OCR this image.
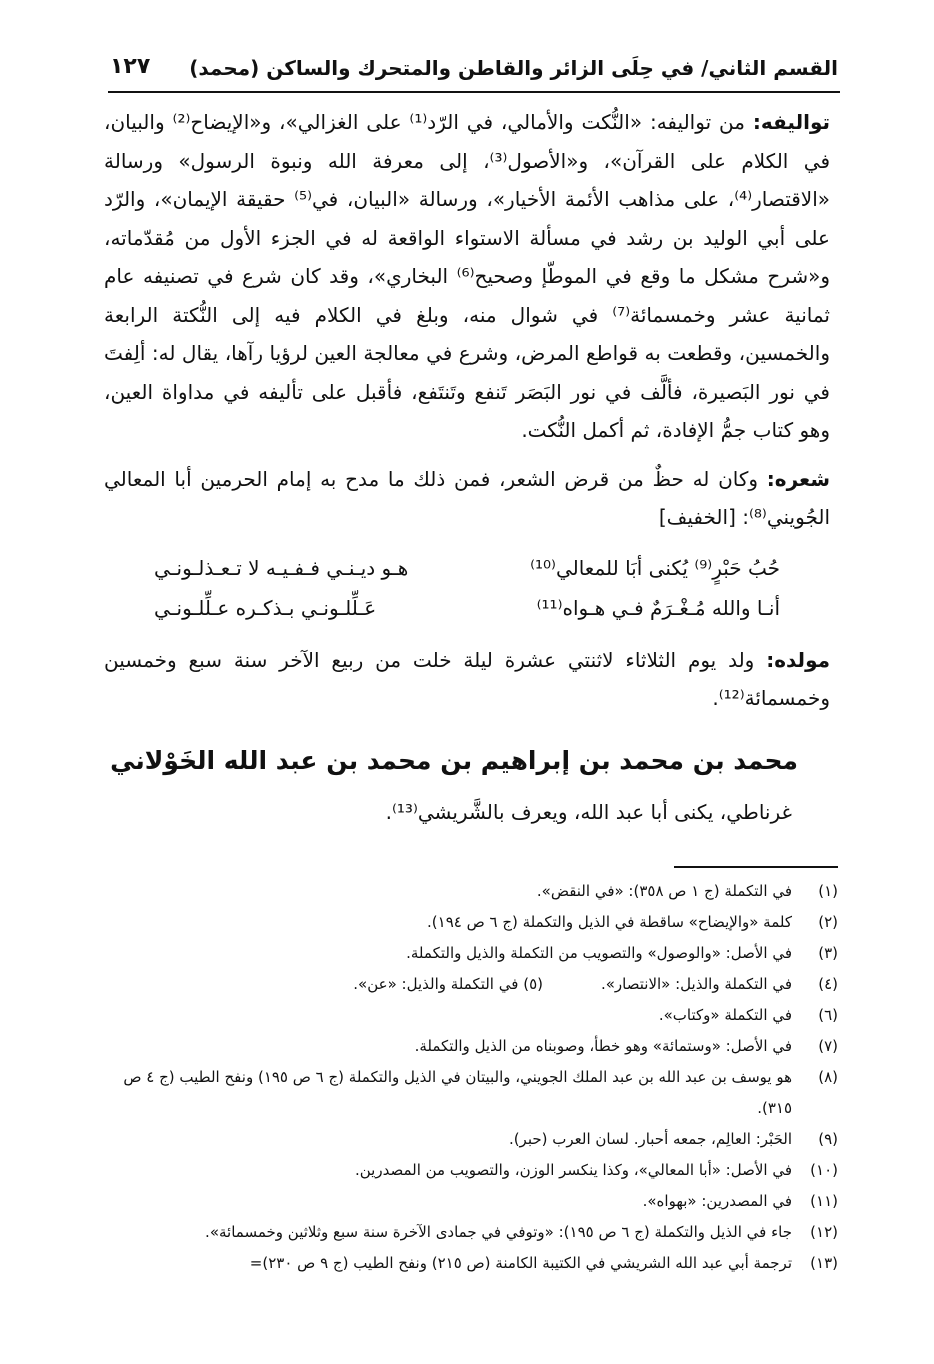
القسم الثاني/ في حِلَى الزائر والقاطن والمتحرك والساكن (محمد)
١٢٧

تواليفه: من تواليفه: «النُّكت والأمالي، في الرّد⁽¹⁾ على الغزالي»، و«الإيضاح⁽²⁾ والبيان، في الكلام على القرآن»، و«الأصول⁽³⁾، إلى معرفة الله ونبوة الرسول» ورسالة «الاقتصار⁽⁴⁾، على مذاهب الأئمة الأخيار»، ورسالة «البيان، في⁽⁵⁾ حقيقة الإيمان»، والرّد على أبي الوليد بن رشد في مسألة الاستواء الواقعة له في الجزء الأول من مُقدّماته، و«شرح مشكل ما وقع في الموطّإ وصحيح⁽⁶⁾ البخاري»، وقد كان شرع في تصنيفه عام ثمانية عشر وخمسمائة⁽⁷⁾ في شوال منه، وبلغ في الكلام فيه إلى النُّكتة الرابعة والخمسين، وقطعت به قواطع المرض، وشرع في معالجة العين لرؤيا رآها، يقال له: ألِفتَ في نور البَصيرة، فألَّف في نور البَصَر تَنفع وتَنتَفع، فأقبل على تأليفه في مداواة العين، وهو كتاب جمُّ الإفادة، ثم أكمل النُّكت.

شعره: وكان له حظٌ من قرض الشعر، فمن ذلك ما مدح به إمام الحرمين أبا المعالي الجُويني⁽⁸⁾: [الخفيف]

حُبُ حَبْرٍ⁽⁹⁾ يُكنى أبَا للمعالي⁽¹⁰⁾
هـو ديـنـي فـفـيـه لا تـعـذلـونـي
أنـا والله مُـغْـرَمٌ فـي هـواه⁽¹¹⁾
عَـلِّلـونـي بـذكـره عـلِّلـونـي

مولده: ولد يوم الثلاثاء لاثنتي عشرة ليلة خلت من ربيع الآخر سنة سبع وخمسين وخمسمائة⁽¹²⁾.

محمد بن محمد بن إبراهيم بن محمد بن عبد الله الخَوْلاني
غرناطي، يكنى أبا عبد الله، ويعرف بالشَّريشي⁽¹³⁾.

(١)
في التكملة (ج ١ ص ٣٥٨): «في النقض».

(٢)
كلمة «والإيضاح» ساقطة في الذيل والتكملة (ج ٦ ص ١٩٤).

(٣)
في الأصل: «والوصول» والتصويب من التكملة والذيل والتكملة.

(٤)
في التكملة والذيل: «الانتصار».(٥) في التكملة والذيل: «عن».

(٦)
في التكملة «وكتاب».

(٧)
في الأصل: «وستمائة» وهو خطأ، وصوبناه من الذيل والتكملة.

(٨)
هو يوسف بن عبد الله بن عبد الملك الجويني، والبيتان في الذيل والتكملة (ج ٦ ص ١٩٥) ونفح الطيب (ج ٤ ص ٣١٥).

(٩)
الحَبْر: العالِم، جمعه أحبار. لسان العرب (حبر).

(١٠)
في الأصل: «أبا المعالي»، وكذا ينكسر الوزن، والتصويب من المصدرين.

(١١)
في المصدرين: «بهواه».

(١٢)
جاء في الذيل والتكملة (ج ٦ ص ١٩٥): «وتوفي في جمادى الآخرة سنة سبع وثلاثين وخمسمائة».

(١٣)
ترجمة أبي عبد الله الشريشي في الكتيبة الكامنة (ص ٢١٥) ونفح الطيب (ج ٩ ص ٢٣٠)=
